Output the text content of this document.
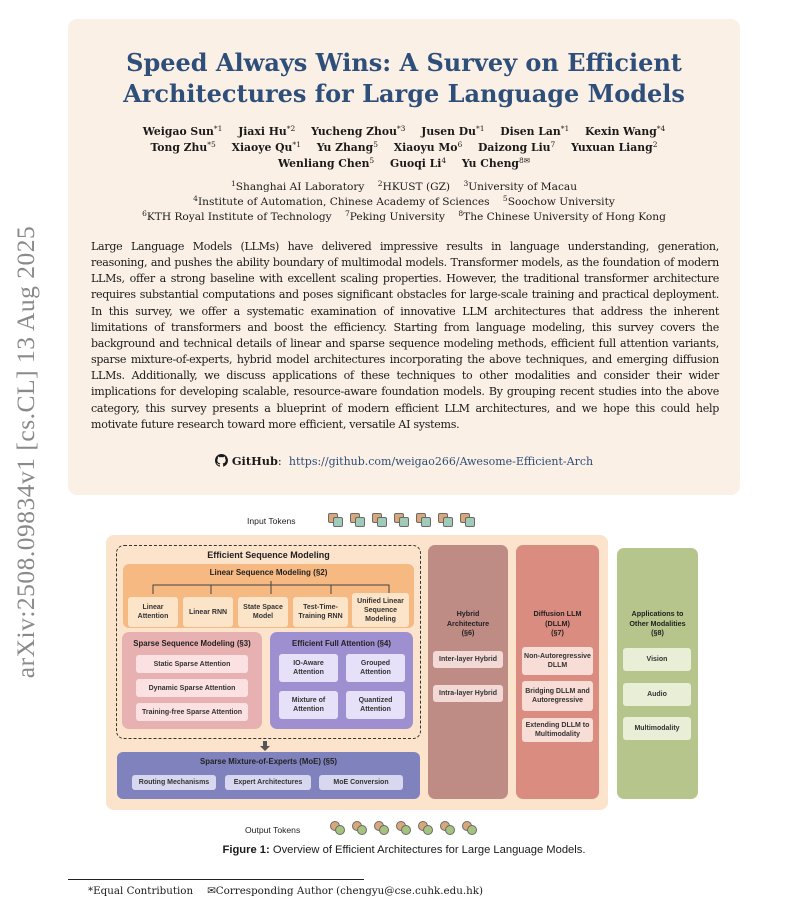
arXiv:2508.09834v1 [cs.CL] 13 Aug 2025
Speed Always Wins: A Survey on Efficient
Architectures for Large Language Models
Weigao Sun$^{*1}$ Jiaxi Hu$^{*2}$ Yucheng Zhou$^{*3}$ Jusen Du$^{*1}$ Disen Lan$^{*1}$ Kexin Wang$^{*4}$
Tong Zhu$^{*5}$ Xiaoye Qu$^{*1}$ Yu Zhang$^5$ Xiaoyu Mo$^6$ Daizong Liu$^7$ Yuxuan Liang$^2$
Wenliang Chen$^5$ Guoqi Li$^4$ Yu Cheng$^{8✉}$
$^1$Shanghai AI Laboratory $^2$HKUST (GZ) $^3$University of Macau
$^4$Institute of Automation, Chinese Academy of Sciences $^5$Soochow University
$^6$KTH Royal Institute of Technology $^7$Peking University $^8$The Chinese University of Hong Kong

Large Language Models (LLMs) have delivered impressive results in language understanding, generation, reasoning, and pushes the ability boundary of multimodal models. Transformer models, as the foundation of modern LLMs, offer a strong baseline with excellent scaling properties. However, the traditional transformer architecture requires substantial computations and poses significant obstacles for large-scale training and practical deployment. In this survey, we offer a systematic examination of innovative LLM architectures that address the inherent limitations of transformers and boost the efficiency. Starting from language modeling, this survey covers the background and technical details of linear and sparse sequence modeling methods, efficient full attention variants, sparse mixture-of-experts, hybrid model architectures incorporating the above techniques, and emerging diffusion LLMs. Additionally, we discuss applications of these techniques to other modalities and consider their wider implications for developing scalable, resource-aware foundation models. By grouping recent studies into the above category, this survey presents a blueprint of modern efficient LLM architectures, and we hope this could help motivate future research toward more efficient, versatile AI systems.

GitHub: https://github.com/weigao266/Awesome-Efficient-Arch
Input Tokens
Efficient Sequence Modeling
Linear Sequence Modeling (§2)
Linear Attention
Linear RNN
State Space Model
Test-Time-Training RNN
Unified Linear Sequence Modeling
Sparse Sequence Modeling (§3)
Static Sparse Attention
Dynamic Sparse Attention
Training-free Sparse Attention
Efficient Full Attention (§4)
IO-Aware Attention
Grouped Attention
Mixture of Attention
Quantized Attention
Sparse Mixture-of-Experts (MoE) (§5)
Routing Mechanisms	Expert Architectures	MoE Conversion
Hybrid
Architecture
(§6)
Inter-layer Hybrid
Intra-layer Hybrid
Diffusion LLM
(DLLM)
(§7)
Non-Autoregressive DLLM
Bridging DLLM and Autoregressive
Extending DLLM to Multimodality
Applications to
Other Modalities
(§8)
Vision
Audio
Multimodality
Output Tokens
Figure 1: Overview of Efficient Architectures for Large Language Models.
*Equal Contribution ✉Corresponding Author (chengyu@cse.cuhk.edu.hk)
